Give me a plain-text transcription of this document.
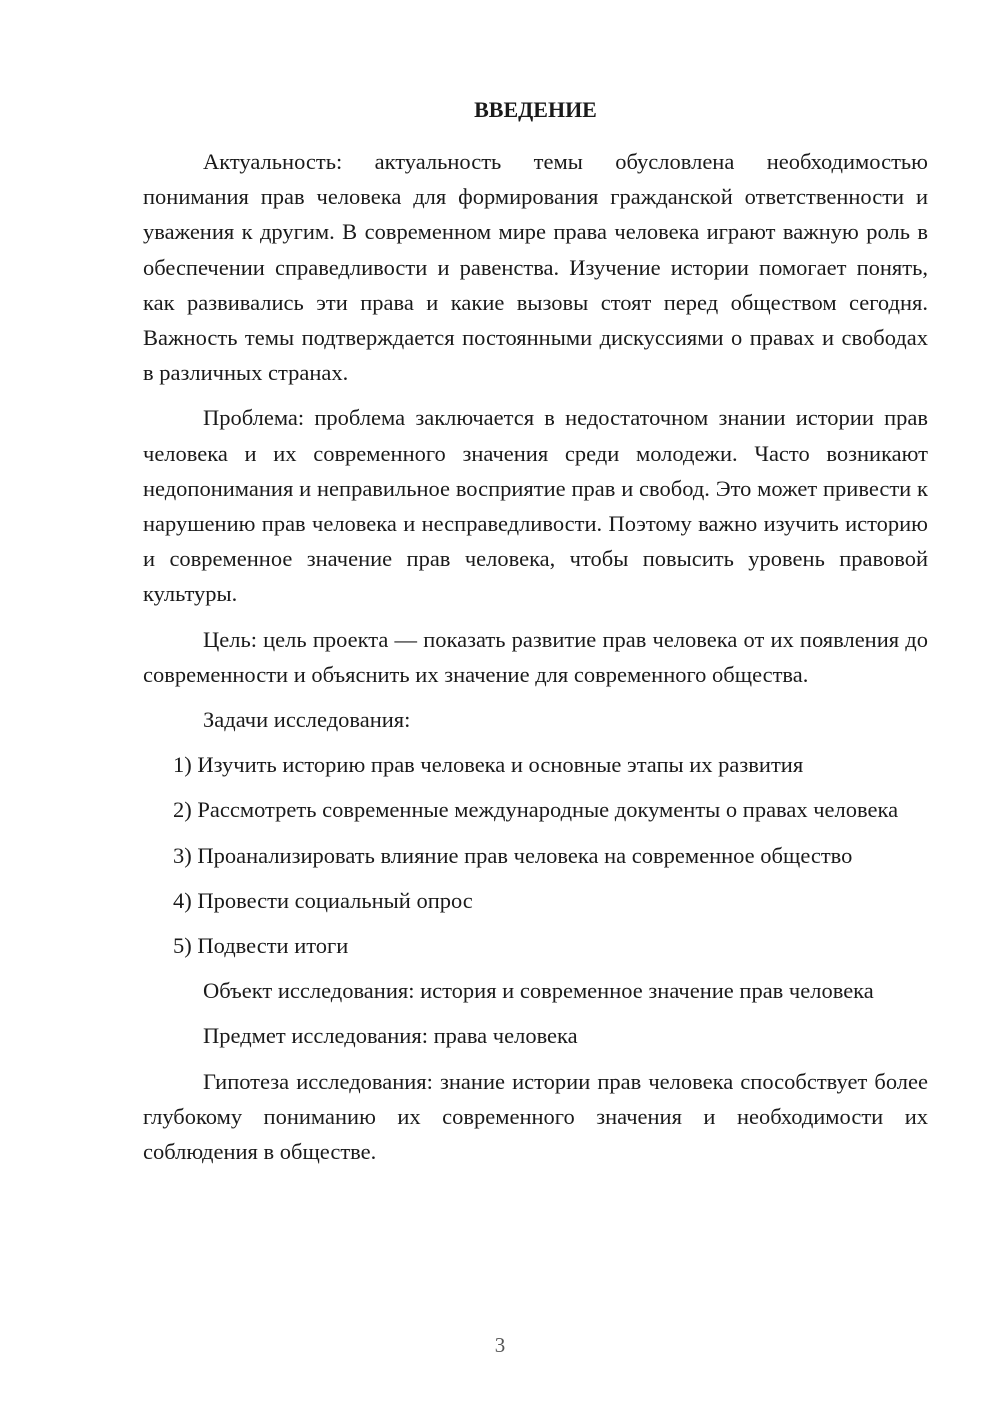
ВВЕДЕНИЕ

Актуальность: актуальность темы обусловлена необходимостью понимания прав человека для формирования гражданской ответственности и уважения к другим. В современном мире права человека играют важную роль в обеспечении справедливости и равенства. Изучение истории помогает понять, как развивались эти права и какие вызовы стоят перед обществом сегодня. Важность темы подтверждается постоянными дискуссиями о правах и свободах в различных странах.

Проблема: проблема заключается в недостаточном знании истории прав человека и их современного значения среди молодежи. Часто возникают недопонимания и неправильное восприятие прав и свобод. Это может привести к нарушению прав человека и несправедливости. Поэтому важно изучить историю и современное значение прав человека, чтобы повысить уровень правовой культуры.

Цель: цель проекта — показать развитие прав человека от их появления до современности и объяснить их значение для современного общества.

Задачи исследования:

1) Изучить историю прав человека и основные этапы их развития

2) Рассмотреть современные международные документы о правах человека

3) Проанализировать влияние прав человека на современное общество

4) Провести социальный опрос

5) Подвести итоги

Объект исследования: история и современное значение прав человека

Предмет исследования: права человека

Гипотеза исследования: знание истории прав человека способствует более глубокому пониманию их современного значения и необходимости их соблюдения в обществе.

3
